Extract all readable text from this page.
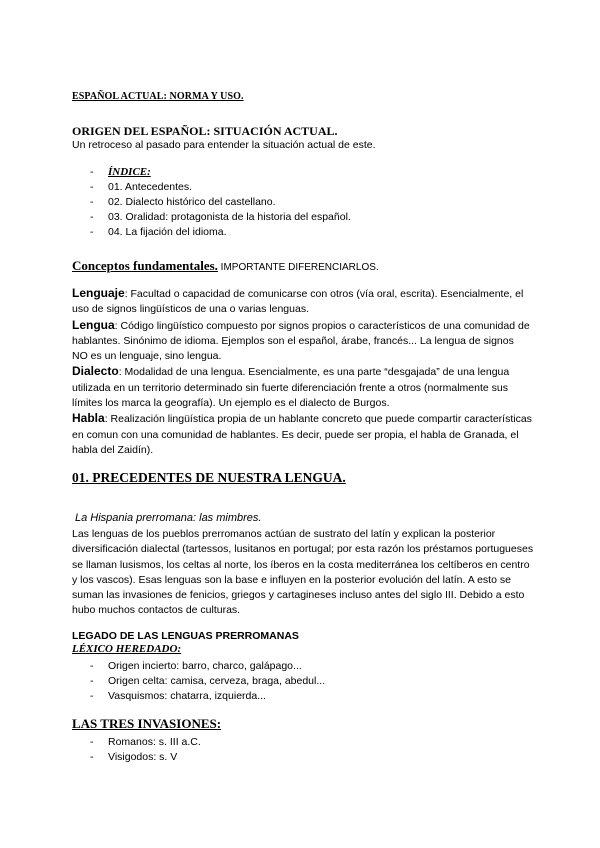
ESPAÑOL ACTUAL: NORMA Y USO.
ORIGEN DEL ESPAÑOL: SITUACIÓN ACTUAL.
Un retroceso al pasado para entender la situación actual de este.
- ÍNDICE:
- 01. Antecedentes.
- 02. Dialecto histórico del castellano.
- 03. Oralidad: protagonista de la historia del español.
- 04. La fijación del idioma.
Conceptos fundamentales. IMPORTANTE DIFERENCIARLOS.

Lenguaje: Facultad o capacidad de comunicarse con otros (vía oral, escrita). Esencialmente, el uso de signos lingüísticos de una o varias lenguas.

Lengua: Código lingüístico compuesto por signos propios o característicos de una comunidad de hablantes. Sinónimo de idioma. Ejemplos son el español, árabe, francés... La lengua de signos NO es un lenguaje, sino lengua.

Dialecto: Modalidad de una lengua. Esencialmente, es una parte “desgajada” de una lengua utilizada en un territorio determinado sin fuerte diferenciación frente a otros (normalmente sus límites los marca la geografía). Un ejemplo es el dialecto de Burgos.

Habla: Realización lingüística propia de un hablante concreto que puede compartir características en comun con una comunidad de hablantes. Es decir, puede ser propia, el habla de Granada, el habla del Zaidín).

01. PRECEDENTES DE NUESTRA LENGUA.
La Hispania prerromana: las mimbres.
Las lenguas de los pueblos prerromanos actúan de sustrato del latín y explican la posterior diversificación dialectal (tartessos, lusitanos en portugal; por esta razón los préstamos portugueses se llaman lusismos, los celtas al norte, los íberos en la costa mediterránea los celtíberos en centro y los vascos). Esas lenguas son la base e influyen en la posterior evolución del latín. A esto se suman las invasiones de fenicios, griegos y cartagineses incluso antes del siglo III. Debido a esto hubo muchos contactos de culturas.
LEGADO DE LAS LENGUAS PRERROMANAS
LÉXICO HEREDADO:
- Origen incierto: barro, charco, galápago...
- Origen celta: camisa, cerveza, braga, abedul...
- Vasquismos: chatarra, izquierda...
LAS TRES INVASIONES:
- Romanos: s. III a.C.
- Visigodos: s. V
